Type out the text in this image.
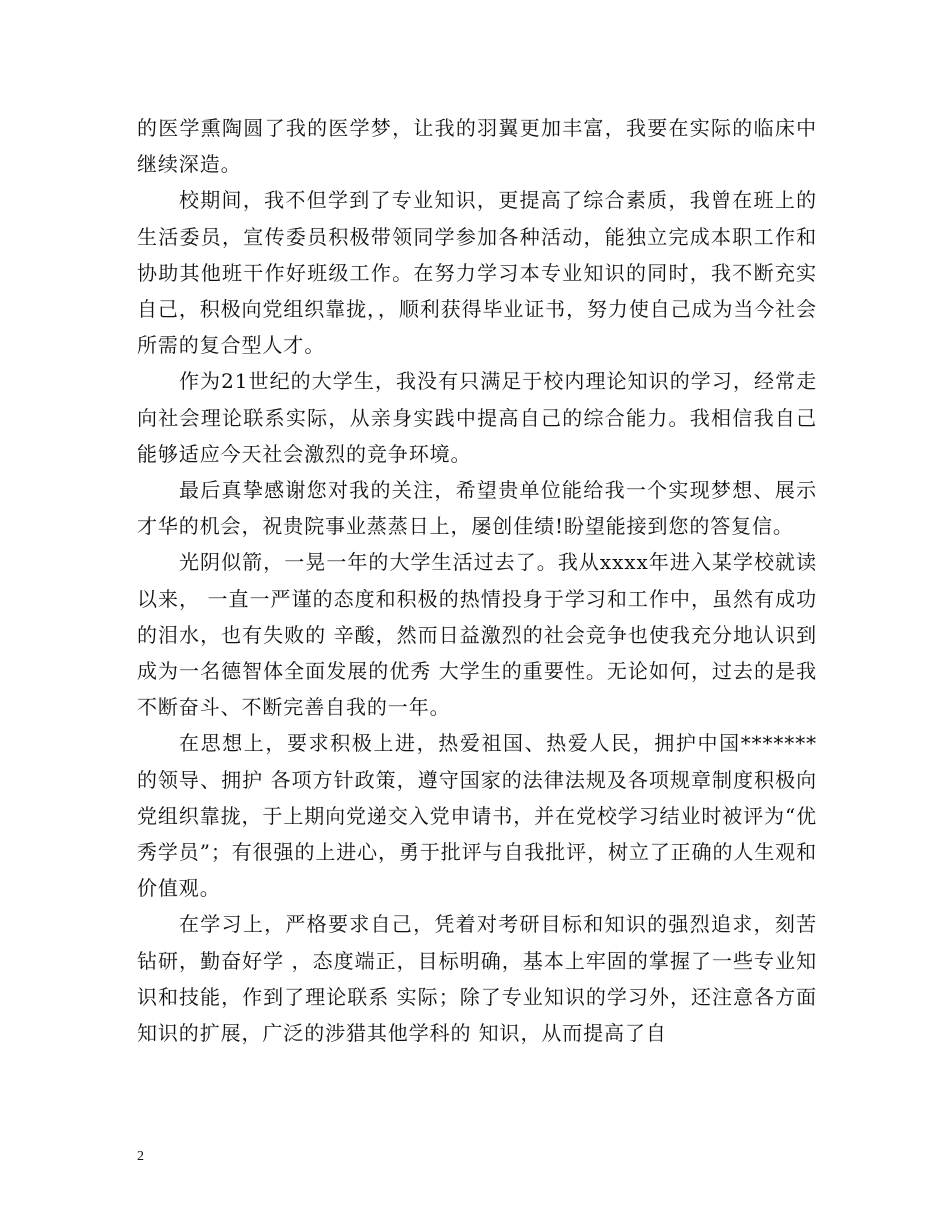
的医学熏陶圆了我的医学梦，让我的羽翼更加丰富，我要在实际的临床中继续深造。

校期间，我不但学到了专业知识，更提高了综合素质，我曾在班上的生活委员，宣传委员积极带领同学参加各种活动，能独立完成本职工作和协助其他班干作好班级工作。在努力学习本专业知识的同时，我不断充实自己，积极向党组织靠拢，，顺利获得毕业证书，努力使自己成为当今社会所需的复合型人才。

作为21世纪的大学生，我没有只满足于校内理论知识的学习，经常走向社会理论联系实际，从亲身实践中提高自己的综合能力。我相信我自己能够适应今天社会激烈的竞争环境。

最后真挚感谢您对我的关注，希望贵单位能给我一个实现梦想、展示才华的机会，祝贵院事业蒸蒸日上，屡创佳绩!盼望能接到您的答复信。

光阴似箭，一晃一年的大学生活过去了。我从xxxx年进入某学校就读以来， 一直一严谨的态度和积极的热情投身于学习和工作中，虽然有成功的泪水，也有失败的 辛酸，然而日益激烈的社会竞争也使我充分地认识到成为一名德智体全面发展的优秀 大学生的重要性。无论如何，过去的是我不断奋斗、不断完善自我的一年。

在思想上，要求积极上进，热爱祖国、热爱人民，拥护中国*******的领导、拥护 各项方针政策，遵守国家的法律法规及各项规章制度积极向党组织靠拢，于上期向党递交入党申请书，并在党校学习结业时被评为“优秀学员”；有很强的上进心，勇于批评与自我批评，树立了正确的人生观和价值观。

在学习上，严格要求自己，凭着对考研目标和知识的强烈追求，刻苦钻研，勤奋好学 ，态度端正，目标明确，基本上牢固的掌握了一些专业知识和技能，作到了理论联系 实际；除了专业知识的学习外，还注意各方面知识的扩展，广泛的涉猎其他学科的 知识，从而提高了自

2
